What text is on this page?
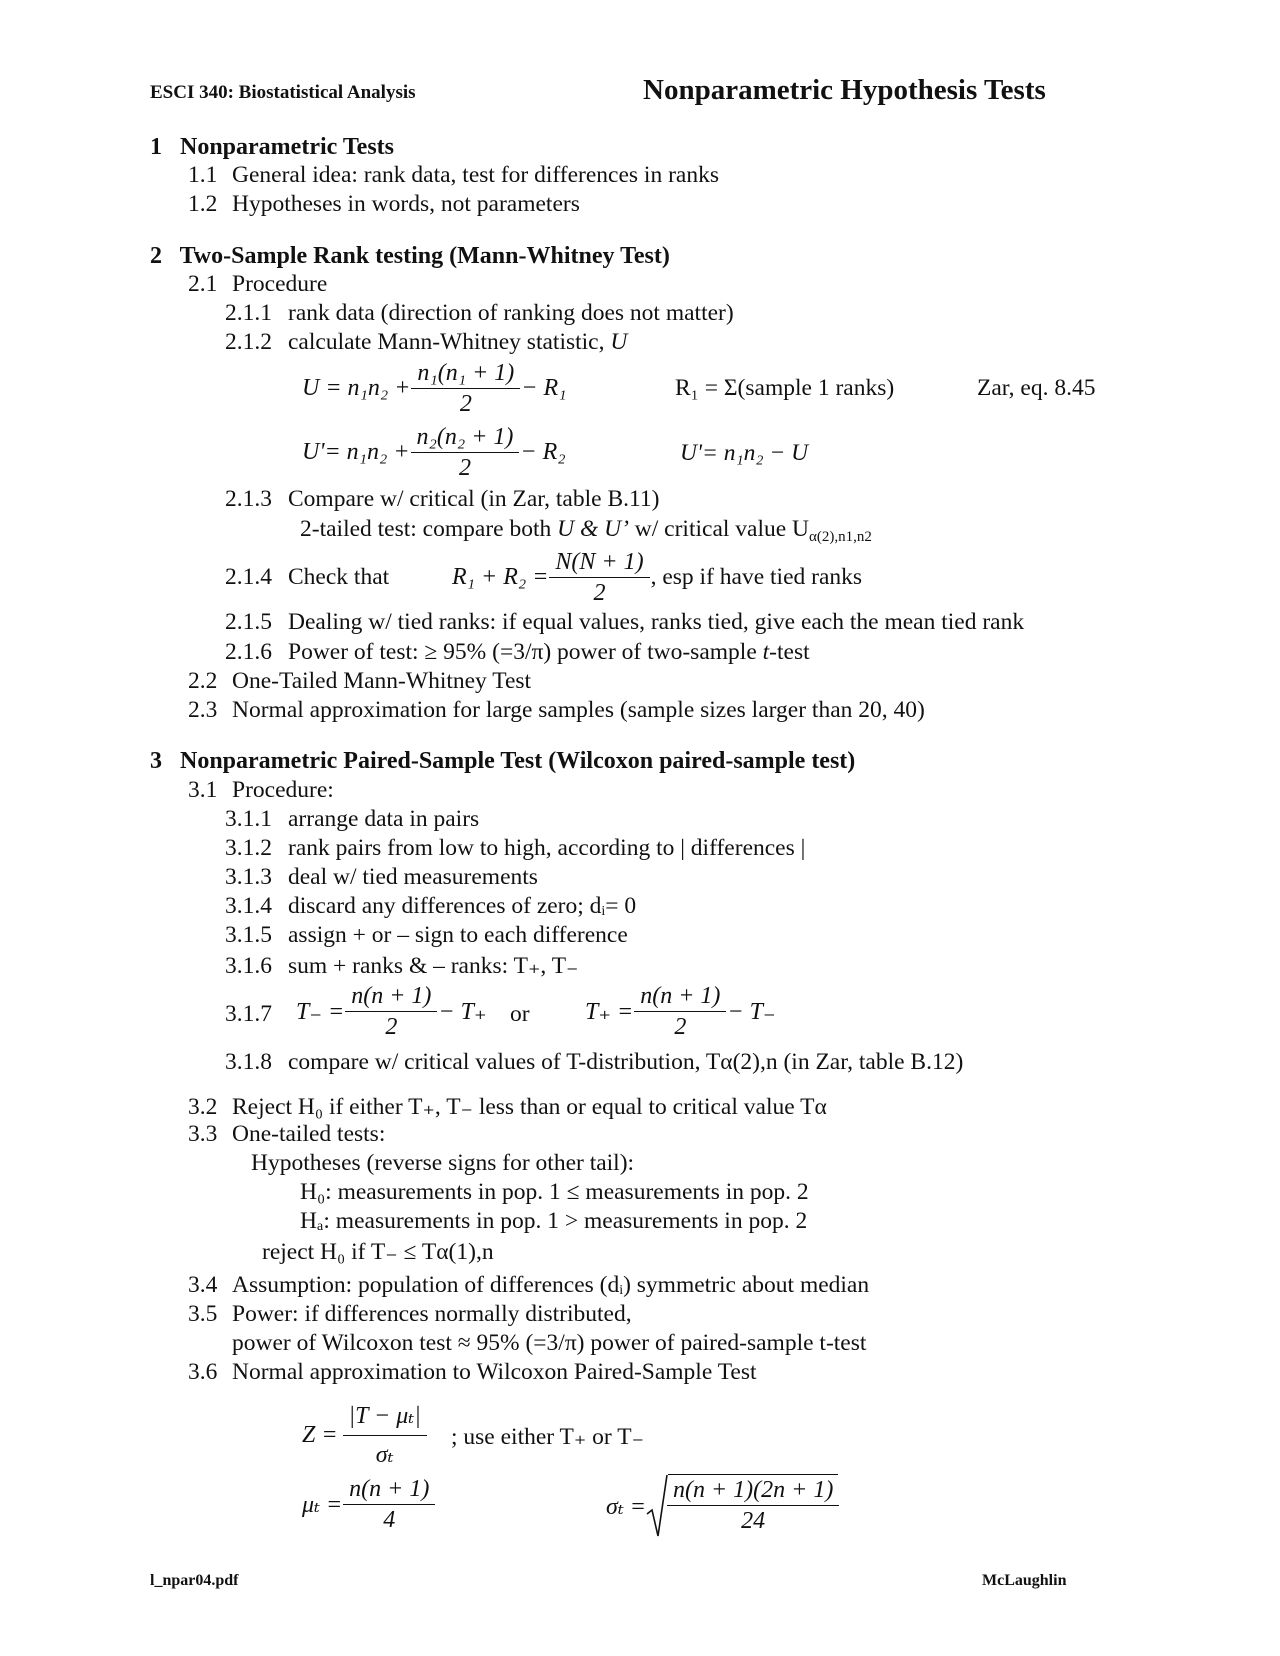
ESCI 340: Biostatistical Analysis	Nonparametric Hypothesis Tests
1 Nonparametric Tests
1.1 General idea: rank data, test for differences in ranks
1.2 Hypotheses in words, not parameters
2 Two-Sample Rank testing (Mann-Whitney Test)
2.1 Procedure
2.1.1 rank data (direction of ranking does not matter)
2.1.2 calculate Mann-Whitney statistic, U
$U = n_1n_2 + \frac{\text{n₁(n₁ + 1)}}{2} - R_1$	R₁ = Σ(sample 1 ranks)	Zar, eq. 8.45
$U'= n_1n_2 + \frac{\text{n₂(n₂ + 1)}}{2} - R_2$	U'= n₁n₂ − U
2.1.3 Compare w/ critical (in Zar, table B.11)
2-tailed test: compare both U & U’ w/ critical value $U_{\alpha(2),n1,n2}$
2.1.4 Check that	$R_1 + R_2 = \frac{N(N + 1)}{2}$ , esp if have tied ranks
2.1.5 Dealing w/ tied ranks: if equal values, ranks tied, give each the mean tied rank
2.1.6 Power of test: ≥ 95% (=3/π) power of two-sample t-test
2.2 One-Tailed Mann-Whitney Test
2.3 Normal approximation for large samples (sample sizes larger than 20, 40)
3 Nonparametric Paired-Sample Test (Wilcoxon paired-sample test)
3.1 Procedure:
3.1.1 arrange data in pairs
3.1.2 rank pairs from low to high, according to | differences |
3.1.3 deal w/ tied measurements
3.1.4 discard any differences of zero; dᵢ= 0
3.1.5 assign + or – sign to each difference
3.1.6 sum + ranks & – ranks: T₊, T₋
3.1.7	$T_- = \frac{n(n + 1)}{2} - T_+$ or $T_+ = \frac{n(n + 1)}{2} - T_-$
3.1.8 compare w/ critical values of T-distribution, Tα(2),n (in Zar, table B.12)
3.2 Reject H₀ if either T₊, T₋ less than or equal to critical value Tα
3.3 One-tailed tests:
Hypotheses (reverse signs for other tail):
H₀: measurements in pop. 1 ≤ measurements in pop. 2
Hₐ: measurements in pop. 1 > measurements in pop. 2
reject H₀ if T₋ ≤ Tα(1),n
3.4 Assumption: population of differences (dᵢ) symmetric about median
3.5 Power: if differences normally distributed,
power of Wilcoxon test ≈ 95% (=3/π) power of paired-sample t-test
3.6 Normal approximation to Wilcoxon Paired-Sample Test
$Z = \frac{\text{|T − μₜ|}}{\text{σₜ}}$ ; use either T₊ or T₋
$\mu_t = \frac{n(n + 1)}{4}$	$\sigma_t = \frac{n(n + 1)(2n + 1)}{24}$
l_npar04.pdf	McLaughlin
